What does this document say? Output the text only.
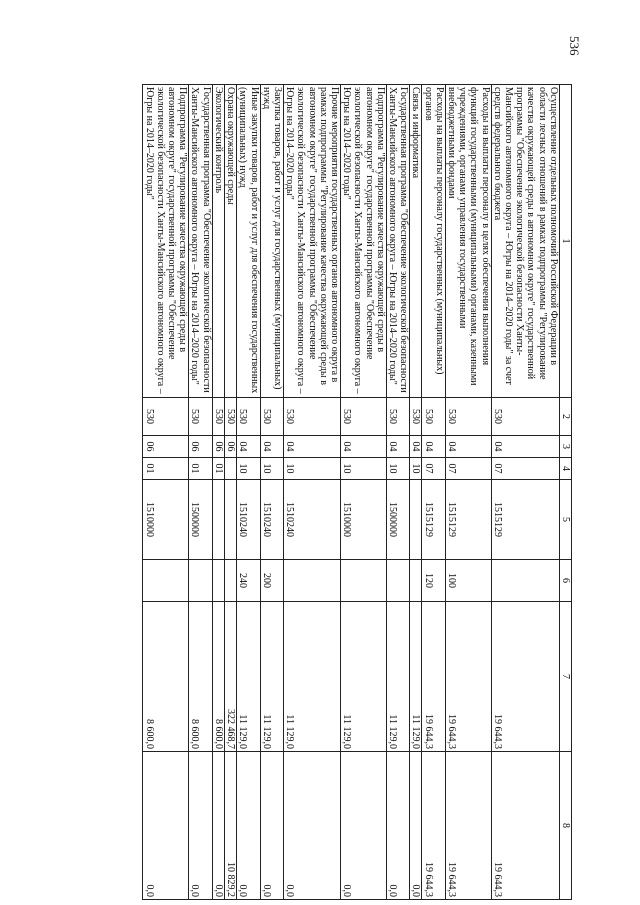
536
1	2	3	4	5	6	7	8
Осуществление отдельных полномочий Российской Федерации в области лесных отношений в рамках подпрограммы "Регулирование качества окружающей среды в автономном округе" государственной программы "Обеспечение экологической безопасности Ханты-Мансийского автономного округа – Югры на 2014–2020 годы" за счет средств федерального бюджета	530	04	07	1515129		19 644,3	19 644,3
Расходы на выплаты персоналу в целях обеспечения выполнения функций государственными (муниципальными) органами, казенными учреждениями, органами управления государственными внебюджетными фондами	530	04	07	1515129	100	19 644,3	19 644,3
Расходы на выплаты персоналу государственных (муниципальных) органов	530	04	07	1515129	120	19 644,3	19 644,3
Связь и информатика	530	04	10			11 129,0	0,0
Государственная программа "Обеспечение экологической безопасности Ханты-Мансийского автономного округа – Югры на 2014–2020 годы"	530	04	10	1500000		11 129,0	0,0
Подпрограмма "Регулирование качества окружающей среды в автономном округе" государственной программы "Обеспечение экологической безопасности Ханты-Мансийского автономного округа – Югры на 2014–2020 годы"	530	04	10	1510000		11 129,0	0,0
Прочие мероприятия государственных органов автономного округа в рамках подпрограммы "Регулирование качества окружающей среды в автономном округе" государственной программы "Обеспечение экологической безопасности Ханты-Мансийского автономного округа – Югры на 2014–2020 годы"	530	04	10	1510240		11 129,0	0,0
Закупка товаров, работ и услуг для государственных (муниципальных) нужд	530	04	10	1510240	200	11 129,0	0,0
Иные закупки товаров, работ и услуг для обеспечения государственных (муниципальных) нужд	530	04	10	1510240	240	11 129,0	0,0
Охрана окружающей среды	530	06				322 468,7	10 829,2
Экологический контроль	530	06	01			8 600,0	0,0
Государственная программа "Обеспечение экологической безопасности Ханты-Мансийского автономного округа – Югры на 2014–2020 годы"	530	06	01	1500000		8 600,0	0,0
Подпрограмма "Регулирование качества окружающей среды в автономном округе" государственной программы "Обеспечение экологической безопасности Ханты-Мансийского автономного округа – Югры на 2014–2020 годы"	530	06	01	1510000		8 600,0	0,0
